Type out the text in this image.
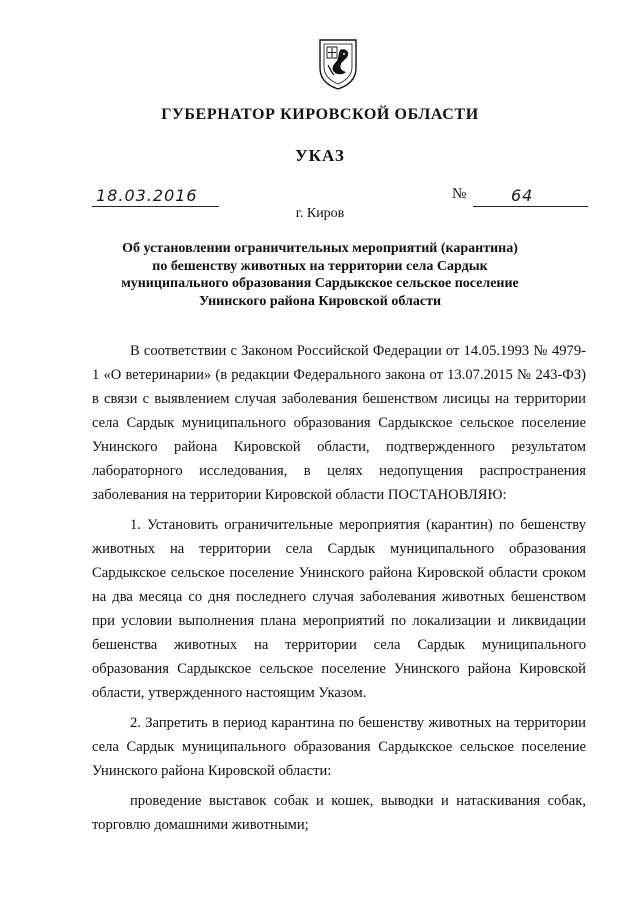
ГУБЕРНАТОР КИРОВСКОЙ ОБЛАСТИ
УКАЗ
18.03.2016	№	64
г. Киров
Об установлении ограничительных мероприятий (карантина)
по бешенству животных на территории села Сардык
муниципального образования Сардыкское сельское поселение
Унинского района Кировской области

В соответствии с Законом Российской Федерации от 14.05.1993 № 4979-1 «О ветеринарии» (в редакции Федерального закона от 13.07.2015 № 243-ФЗ) в связи с выявлением случая заболевания бешенством лисицы на территории села Сардык муниципального образования Сардыкское сельское поселение Унинского района Кировской области, подтвержденного результатом лабораторного исследования, в целях недопущения распространения заболевания на территории Кировской области ПОСТАНОВЛЯЮ:

1. Установить ограничительные мероприятия (карантин) по бешенству животных на территории села Сардык муниципального образования Сардыкское сельское поселение Унинского района Кировской области сроком на два месяца со дня последнего случая заболевания животных бешенством при условии выполнения плана мероприятий по локализации и ликвидации бешенства животных на территории села Сардык муниципального образования Сардыкское сельское поселение Унинского района Кировской области, утвержденного настоящим Указом.

2. Запретить в период карантина по бешенству животных на территории села Сардык муниципального образования Сардыкское сельское поселение Унинского района Кировской области:

проведение выставок собак и кошек, выводки и натаскивания собак, торговлю домашними животными;
